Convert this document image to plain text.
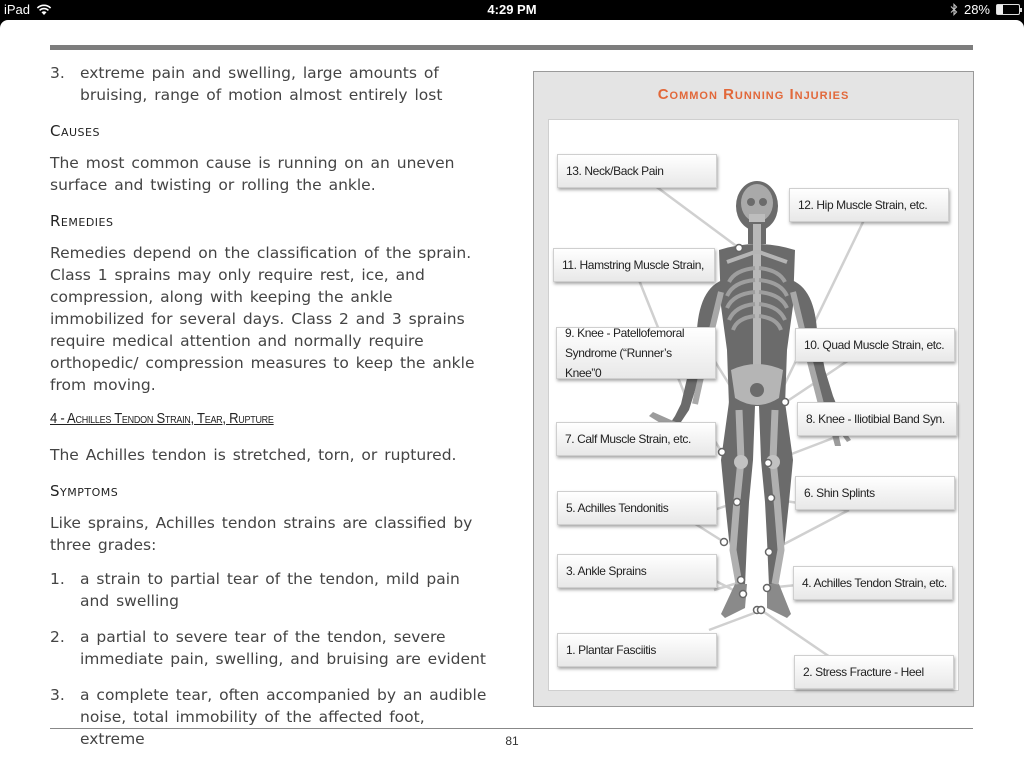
iPad	4:29 PM	28%
3. extreme pain and swelling, large amounts of bruising, range of motion almost entirely lost
Causes

The most common cause is running on an uneven surface and twisting or rolling the ankle.

Remedies

Remedies depend on the classification of the sprain. Class 1 sprains may only require rest, ice, and compression, along with keeping the ankle immobilized for several days. Class 2 and 3 sprains require medical attention and normally require orthopedic/ compression measures to keep the ankle from moving.

4 - Achilles Tendon Strain, Tear, Rupture

The Achilles tendon is stretched, torn, or ruptured.

Symptoms

Like sprains, Achilles tendon strains are classified by three grades:

1. a strain to partial tear of the tendon, mild pain and swelling
2. a partial to severe tear of the tendon, severe immediate pain, swelling, and bruising are evident
3. a complete tear, often accompanied by an audible noise, total immobility of the affected foot, extreme
Common Running Injuries
13. Neck/Back Pain
12. Hip Muscle Strain, etc.
11. Hamstring Muscle Strain,
9. Knee - Patellofemoral Syndrome (“Runner’s Knee”0
10. Quad Muscle Strain, etc.
8. Knee - Iliotibial Band Syn.
7. Calf Muscle Strain, etc.
6. Shin Splints
5. Achilles Tendonitis
3. Ankle Sprains
4. Achilles Tendon Strain, etc.
1. Plantar Fasciitis
2. Stress Fracture - Heel
81
